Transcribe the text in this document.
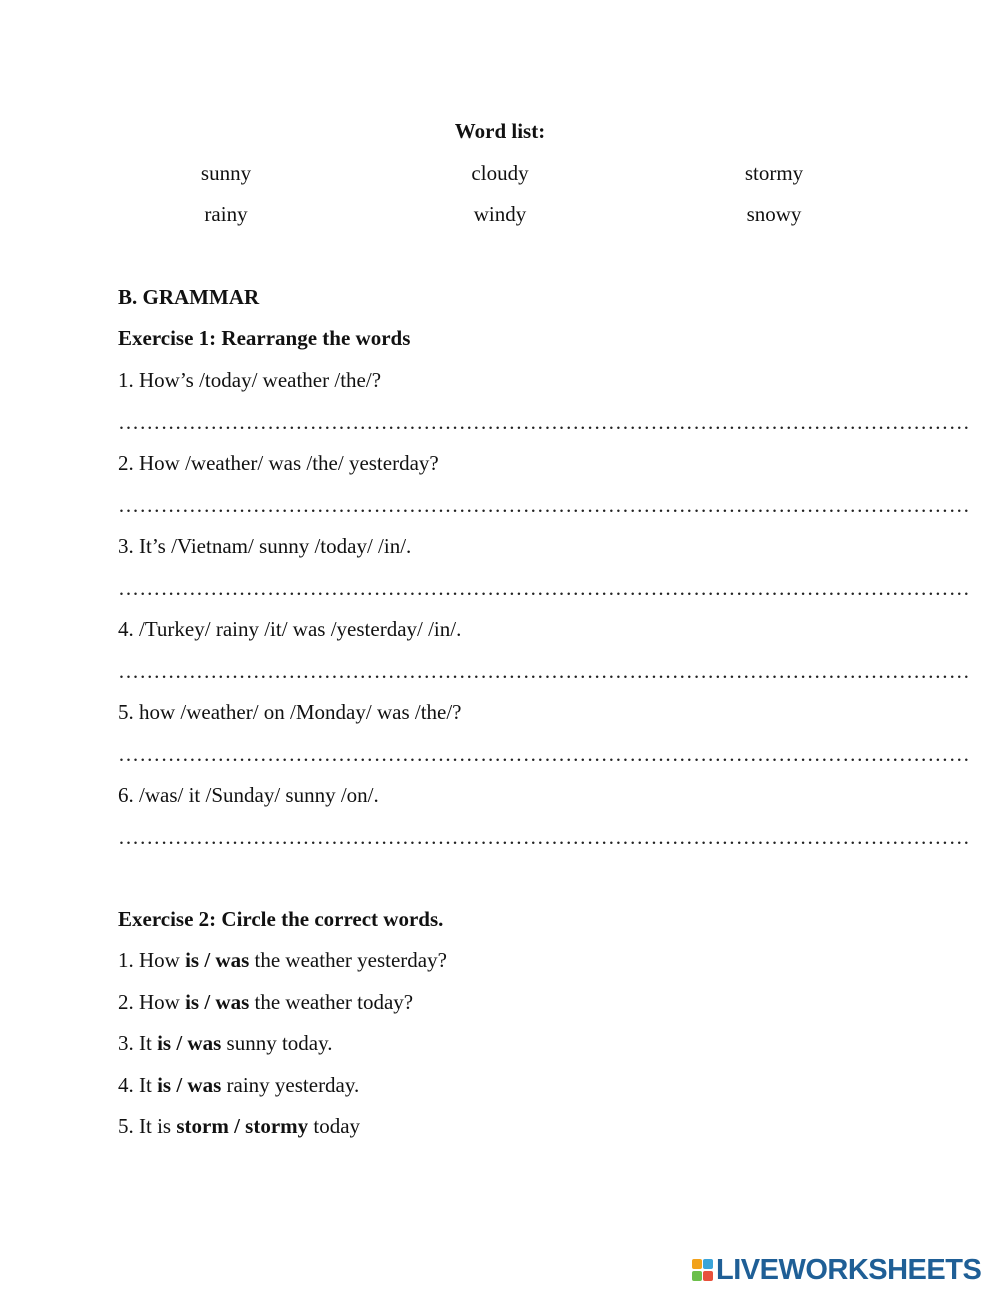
Word list:
sunny	cloudy	stormy
rainy	windy	snowy
B. GRAMMAR
Exercise 1: Rearrange the words
1. How’s /today/ weather /the/?
…………………………………………………………………………………………………………
2. How /weather/ was /the/ yesterday?
…………………………………………………………………………………………………………
3. It’s /Vietnam/ sunny /today/ /in/.
…………………………………………………………………………………………………………
4. /Turkey/ rainy /it/ was /yesterday/ /in/.
…………………………………………………………………………………………………………
5. how /weather/ on /Monday/ was /the/?
…………………………………………………………………………………………………………
6. /was/ it /Sunday/ sunny /on/.
…………………………………………………………………………………………………………
Exercise 2: Circle the correct words.
1. How is / was the weather yesterday?
2. How is / was the weather today?
3. It is / was sunny today.
4. It is / was rainy yesterday.
5. It is storm / stormy today
LIVEWORKSHEETS
